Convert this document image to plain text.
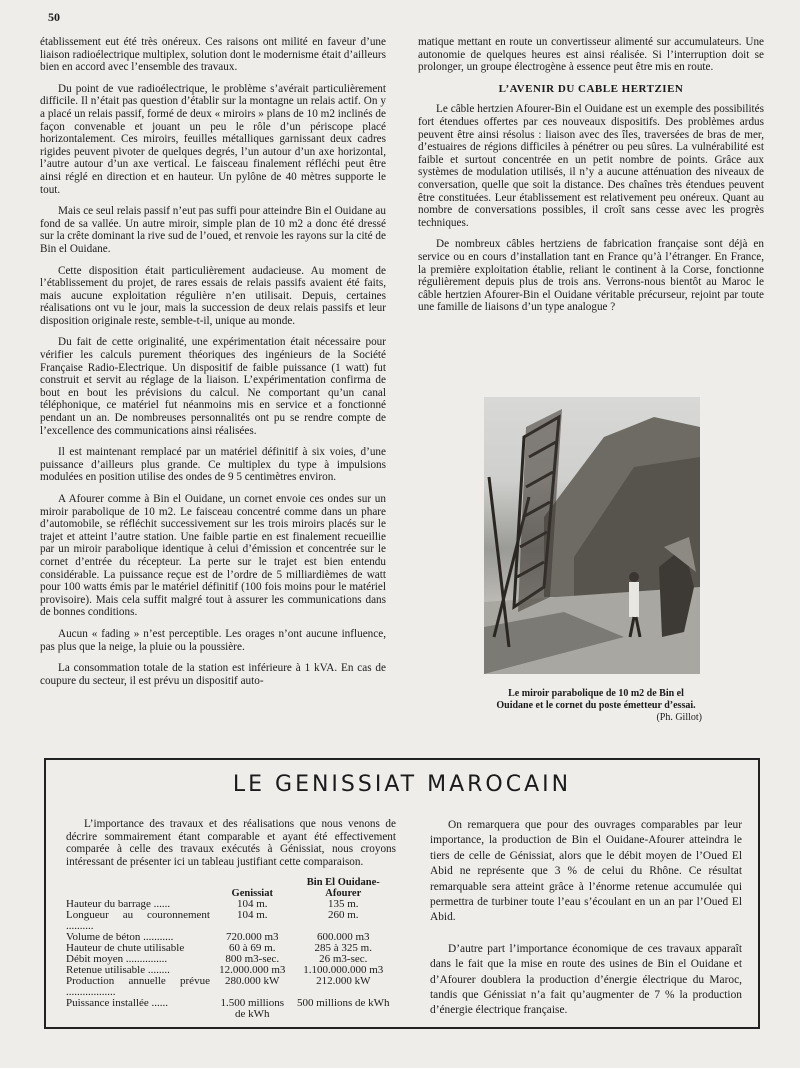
50

établissement eut été très onéreux. Ces raisons ont milité en faveur d’une liaison radioélectrique multiplex, solution dont le modernisme était d’ailleurs bien en accord avec l’ensemble des travaux.

Du point de vue radioélectrique, le problème s’avérait particulièrement difficile. Il n’était pas question d’établir sur la montagne un relais actif. On y a placé un relais passif, formé de deux « miroirs » plans de 10 m2 inclinés de façon convenable et jouant un peu le rôle d’un périscope placé horizontalement. Ces miroirs, feuilles métalliques garnissant deux cadres rigides peuvent pivoter de quelques degrés, l’un autour d’un axe horizontal, l’autre autour d’un axe vertical. Le faisceau finalement réfléchi peut être ainsi réglé en direction et en hauteur. Un pylône de 40 mètres supporte le tout.

Mais ce seul relais passif n’eut pas suffi pour atteindre Bin el Ouidane au fond de sa vallée. Un autre miroir, simple plan de 10 m2 a donc été dressé sur la crête dominant la rive sud de l’oued, et renvoie les rayons sur la cité de Bin el Ouidane.

Cette disposition était particulièrement audacieuse. Au moment de l’établissement du projet, de rares essais de relais passifs avaient été faits, mais aucune exploitation régulière n’en utilisait. Depuis, certaines réalisations ont vu le jour, mais la succession de deux relais passifs et leur disposition originale reste, semble-t-il, unique au monde.

Du fait de cette originalité, une expérimentation était nécessaire pour vérifier les calculs purement théoriques des ingénieurs de la Société Française Radio-Electrique. Un dispositif de faible puissance (1 watt) fut construit et servit au réglage de la liaison. L’expérimentation confirma de bout en bout les prévisions du calcul. Ne comportant qu’un canal téléphonique, ce matériel fut néanmoins mis en service et a fonctionné pendant un an. De nombreuses personnalités ont pu se rendre compte de l’excellence des communications ainsi réalisées.

Il est maintenant remplacé par un matériel définitif à six voies, d’une puissance d’ailleurs plus grande. Ce multiplex du type à impulsions modulées en position utilise des ondes de 9 5 centimètres environ.

A Afourer comme à Bin el Ouidane, un cornet envoie ces ondes sur un miroir parabolique de 10 m2. Le faisceau concentré comme dans un phare d’automobile, se réfléchit successivement sur les trois miroirs placés sur le trajet et atteint l’autre station. Une faible partie en est finalement recueillie par un miroir parabolique identique à celui d’émission et concentrée sur le cornet d’entrée du récepteur. La perte sur le trajet est bien entendu considérable. La puissance reçue est de l’ordre de 5 milliardièmes de watt pour 100 watts émis par le matériel définitif (100 fois moins pour le matériel provisoire). Mais cela suffit malgré tout à assurer les communications dans de bonnes conditions.

Aucun « fading » n’est perceptible. Les orages n’ont aucune influence, pas plus que la neige, la pluie ou la poussière.

La consommation totale de la station est inférieure à 1 kVA. En cas de coupure du secteur, il est prévu un dispositif auto-

matique mettant en route un convertisseur alimenté sur accumulateurs. Une autonomie de quelques heures est ainsi réalisée. Si l’interruption doit se prolonger, un groupe électrogène à essence peut être mis en route.

L’AVENIR DU CABLE HERTZIEN

Le câble hertzien Afourer-Bin el Ouidane est un exemple des possibilités fort étendues offertes par ces nouveaux dispositifs. Des problèmes ardus peuvent être ainsi résolus : liaison avec des îles, traversées de bras de mer, d’estuaires de régions difficiles à pénétrer ou peu sûres. La vulnérabilité est faible et surtout concentrée en un petit nombre de points. Grâce aux systèmes de modulation utilisés, il n’y a aucune atténuation des niveaux de conversation, quelle que soit la distance. Des chaînes très étendues peuvent être constituées. Leur établissement est relativement peu onéreux. Quant au nombre de conversations possibles, il croît sans cesse avec les progrès techniques.

De nombreux câbles hertziens de fabrication française sont déjà en service ou en cours d’installation tant en France qu’à l’étranger. En France, la première exploitation établie, reliant le continent à la Corse, fonctionne régulièrement depuis plus de trois ans. Verrons-nous bientôt au Maroc le câble hertzien Afourer-Bin el Ouidane véritable précurseur, rejoint par toute une famille de liaisons d’un type analogue ?

Le miroir parabolique de 10 m2 de Bin el Ouidane et le cornet du poste émetteur d’essai.
(Ph. Gillot)
LE GENISSIAT MAROCAIN

L’importance des travaux et des réalisations que nous venons de décrire sommairement étant comparable et ayant été effectivement comparée à celle des travaux exécutés à Génissiat, nous croyons intéressant de présenter ici un tableau justifiant cette comparaison.

	Genissiat	Bin El Ouidane-Afourer
Hauteur du barrage ......	104 m.	135 m.
Longueur au couronnement ..........	104 m.	260 m.
Volume de béton ...........	720.000 m3	600.000 m3
Hauteur de chute utilisable	60 à 69 m.	285 à 325 m.
Débit moyen ...............	800 m3-sec.	26 m3-sec.
Retenue utilisable ........	12.000.000 m3	1.100.000.000 m3
Production annuelle prévue ..................	280.000 kW	212.000 kW
Puissance installée ......	1.500 millions de kWh	500 millions de kWh

On remarquera que pour des ouvrages comparables par leur importance, la production de Bin el Ouidane-Afourer atteindra le tiers de celle de Génissiat, alors que le débit moyen de l’Oued El Abid ne représente que 3 % de celui du Rhône. Ce résultat remarquable sera atteint grâce à l’énorme retenue accumulée qui permettra de turbiner toute l’eau s’écoulant en un an par l’Oued El Abid.

D’autre part l’importance économique de ces travaux apparaît dans le fait que la mise en route des usines de Bin el Ouidane et d’Afourer doublera la production d’énergie électrique du Maroc, tandis que Génissiat n’a fait qu’augmenter de 7 % la production d’énergie électrique française.
